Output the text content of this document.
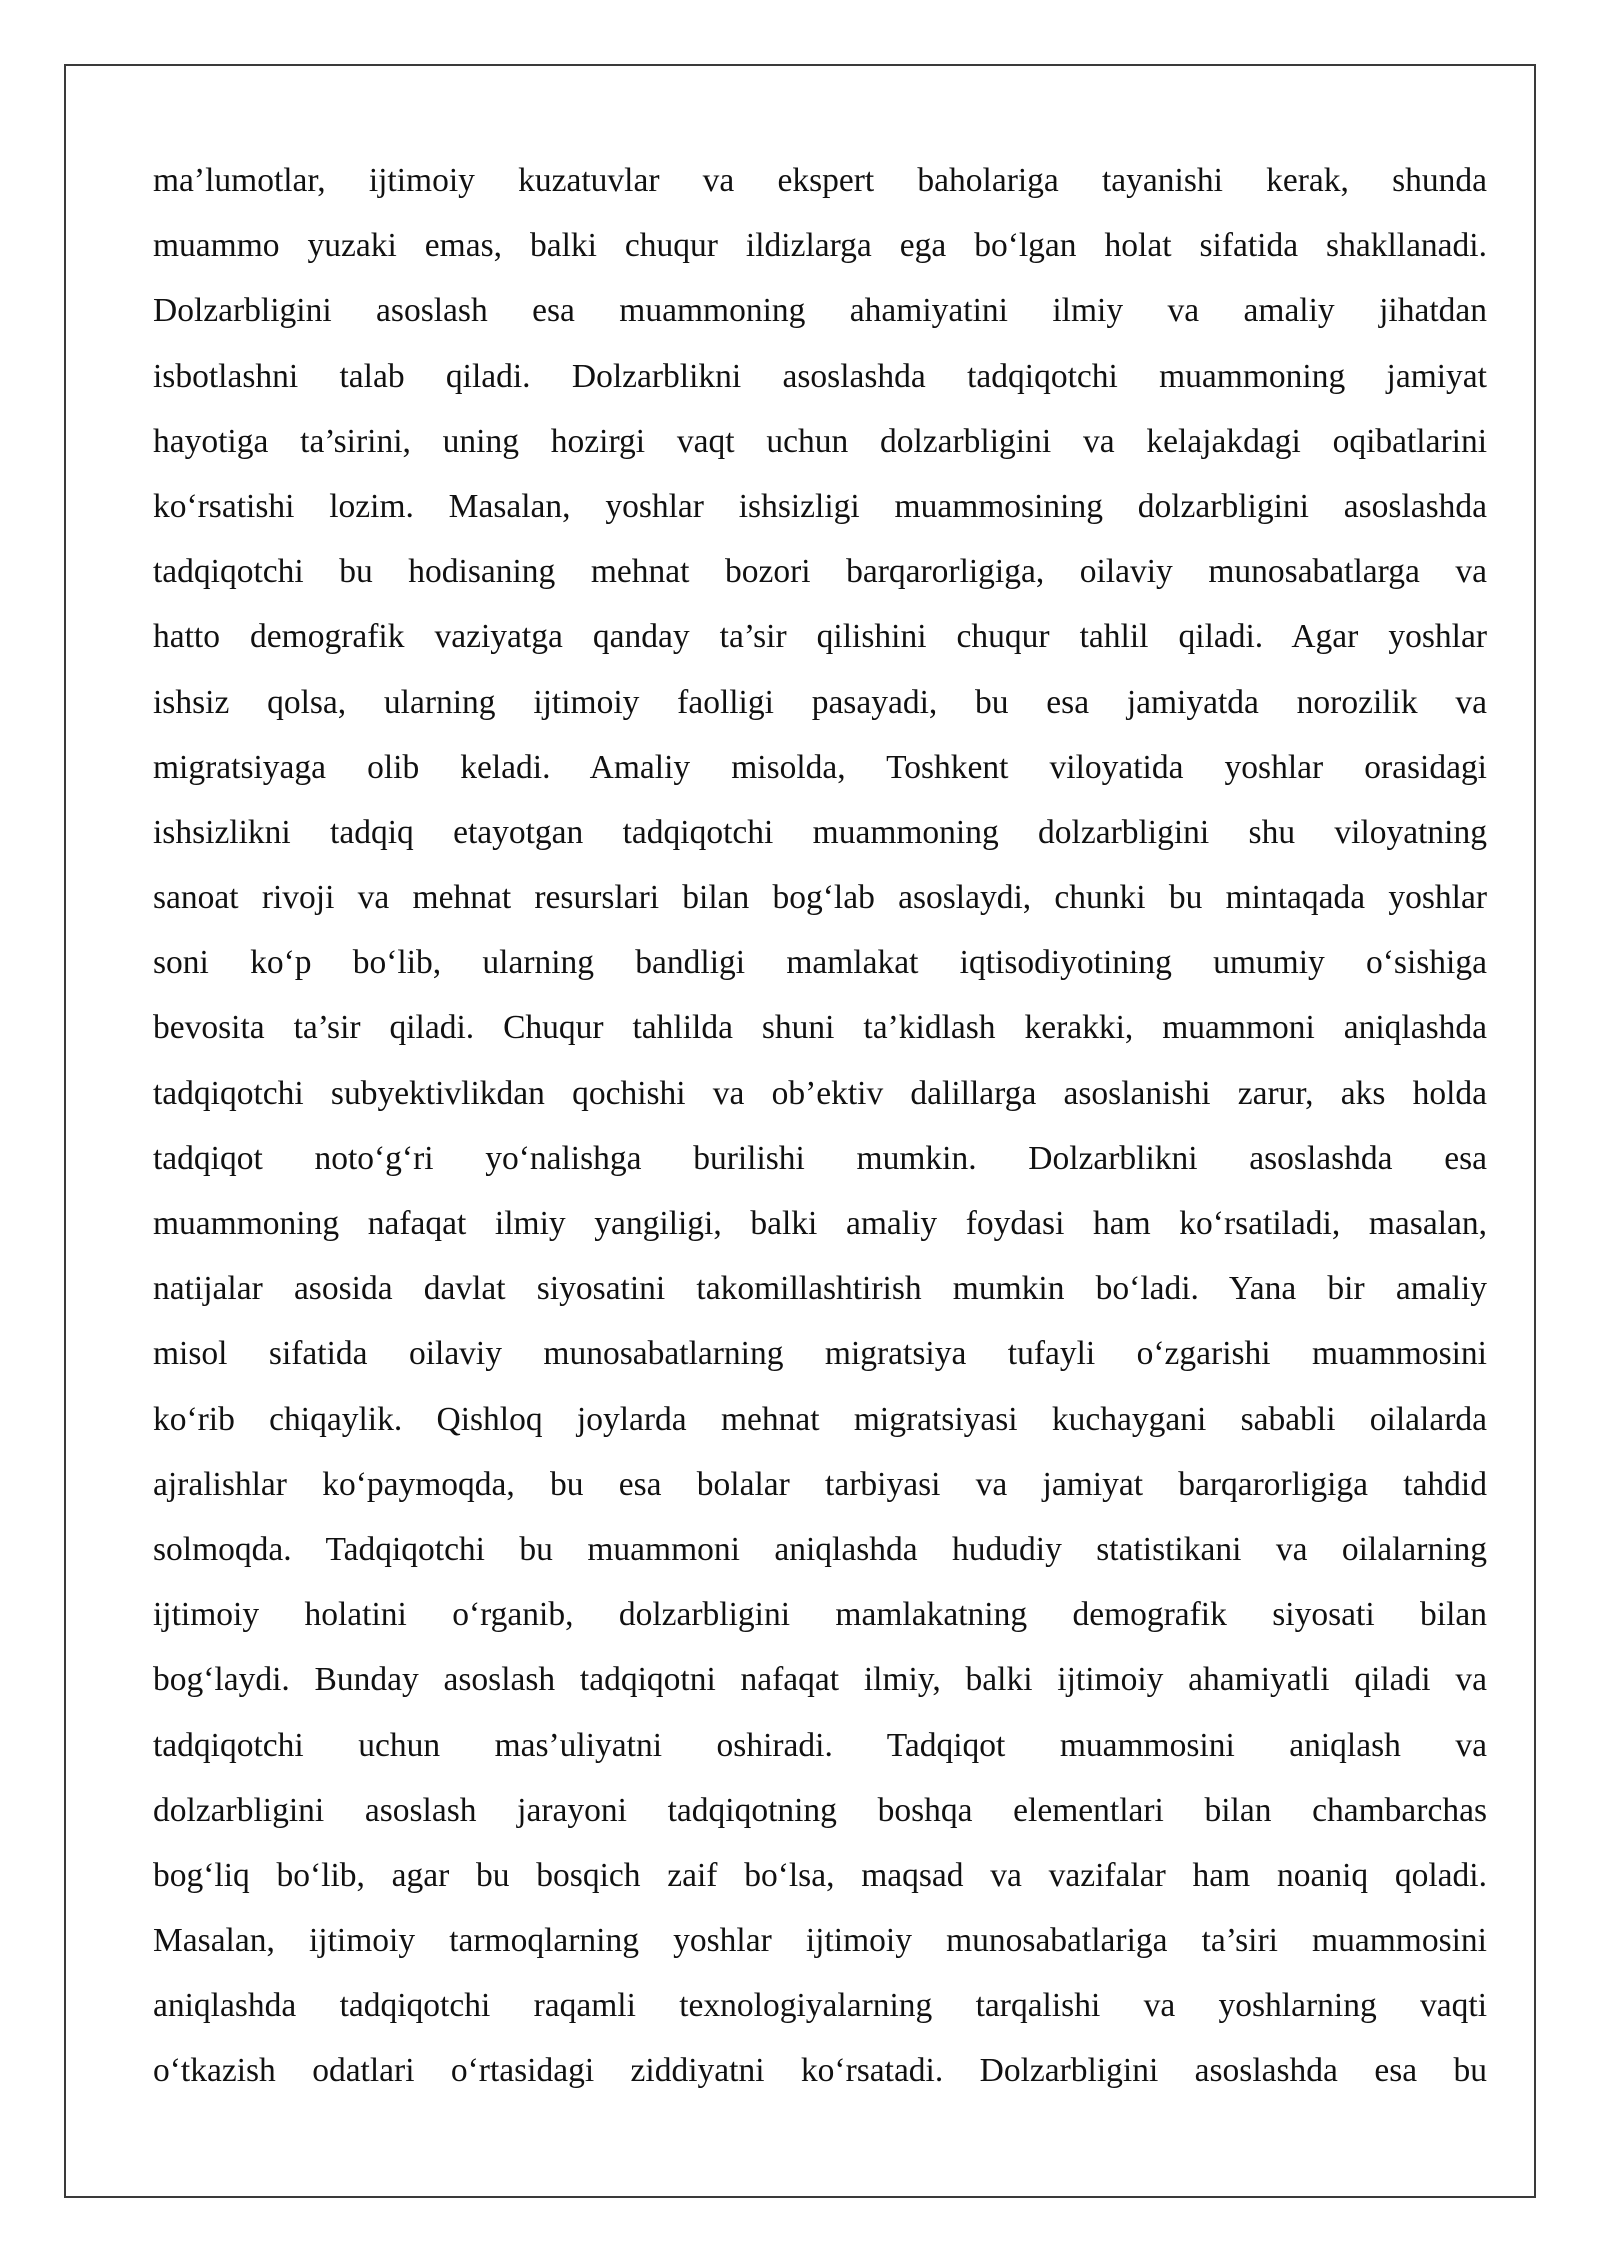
ma’lumotlar, ijtimoiy kuzatuvlar va ekspert baholariga tayanishi kerak, shunda
muammo yuzaki emas, balki chuqur ildizlarga ega bo‘lgan holat sifatida shakllanadi.
Dolzarbligini asoslash esa muammoning ahamiyatini ilmiy va amaliy jihatdan
isbotlashni talab qiladi. Dolzarblikni asoslashda tadqiqotchi muammoning jamiyat
hayotiga ta’sirini, uning hozirgi vaqt uchun dolzarbligini va kelajakdagi oqibatlarini
ko‘rsatishi lozim. Masalan, yoshlar ishsizligi muammosining dolzarbligini asoslashda
tadqiqotchi bu hodisaning mehnat bozori barqarorligiga, oilaviy munosabatlarga va
hatto demografik vaziyatga qanday ta’sir qilishini chuqur tahlil qiladi. Agar yoshlar
ishsiz qolsa, ularning ijtimoiy faolligi pasayadi, bu esa jamiyatda norozilik va
migratsiyaga olib keladi. Amaliy misolda, Toshkent viloyatida yoshlar orasidagi
ishsizlikni tadqiq etayotgan tadqiqotchi muammoning dolzarbligini shu viloyatning
sanoat rivoji va mehnat resurslari bilan bog‘lab asoslaydi, chunki bu mintaqada yoshlar
soni ko‘p bo‘lib, ularning bandligi mamlakat iqtisodiyotining umumiy o‘sishiga
bevosita ta’sir qiladi. Chuqur tahlilda shuni ta’kidlash kerakki, muammoni aniqlashda
tadqiqotchi subyektivlikdan qochishi va ob’ektiv dalillarga asoslanishi zarur, aks holda
tadqiqot noto‘g‘ri yo‘nalishga burilishi mumkin. Dolzarblikni asoslashda esa
muammoning nafaqat ilmiy yangiligi, balki amaliy foydasi ham ko‘rsatiladi, masalan,
natijalar asosida davlat siyosatini takomillashtirish mumkin bo‘ladi. Yana bir amaliy
misol sifatida oilaviy munosabatlarning migratsiya tufayli o‘zgarishi muammosini
ko‘rib chiqaylik. Qishloq joylarda mehnat migratsiyasi kuchaygani sababli oilalarda
ajralishlar ko‘paymoqda, bu esa bolalar tarbiyasi va jamiyat barqarorligiga tahdid
solmoqda. Tadqiqotchi bu muammoni aniqlashda hududiy statistikani va oilalarning
ijtimoiy holatini o‘rganib, dolzarbligini mamlakatning demografik siyosati bilan
bog‘laydi. Bunday asoslash tadqiqotni nafaqat ilmiy, balki ijtimoiy ahamiyatli qiladi va
tadqiqotchi uchun mas’uliyatni oshiradi. Tadqiqot muammosini aniqlash va
dolzarbligini asoslash jarayoni tadqiqotning boshqa elementlari bilan chambarchas
bog‘liq bo‘lib, agar bu bosqich zaif bo‘lsa, maqsad va vazifalar ham noaniq qoladi.
Masalan, ijtimoiy tarmoqlarning yoshlar ijtimoiy munosabatlariga ta’siri muammosini
aniqlashda tadqiqotchi raqamli texnologiyalarning tarqalishi va yoshlarning vaqti
o‘tkazish odatlari o‘rtasidagi ziddiyatni ko‘rsatadi. Dolzarbligini asoslashda esa bu
